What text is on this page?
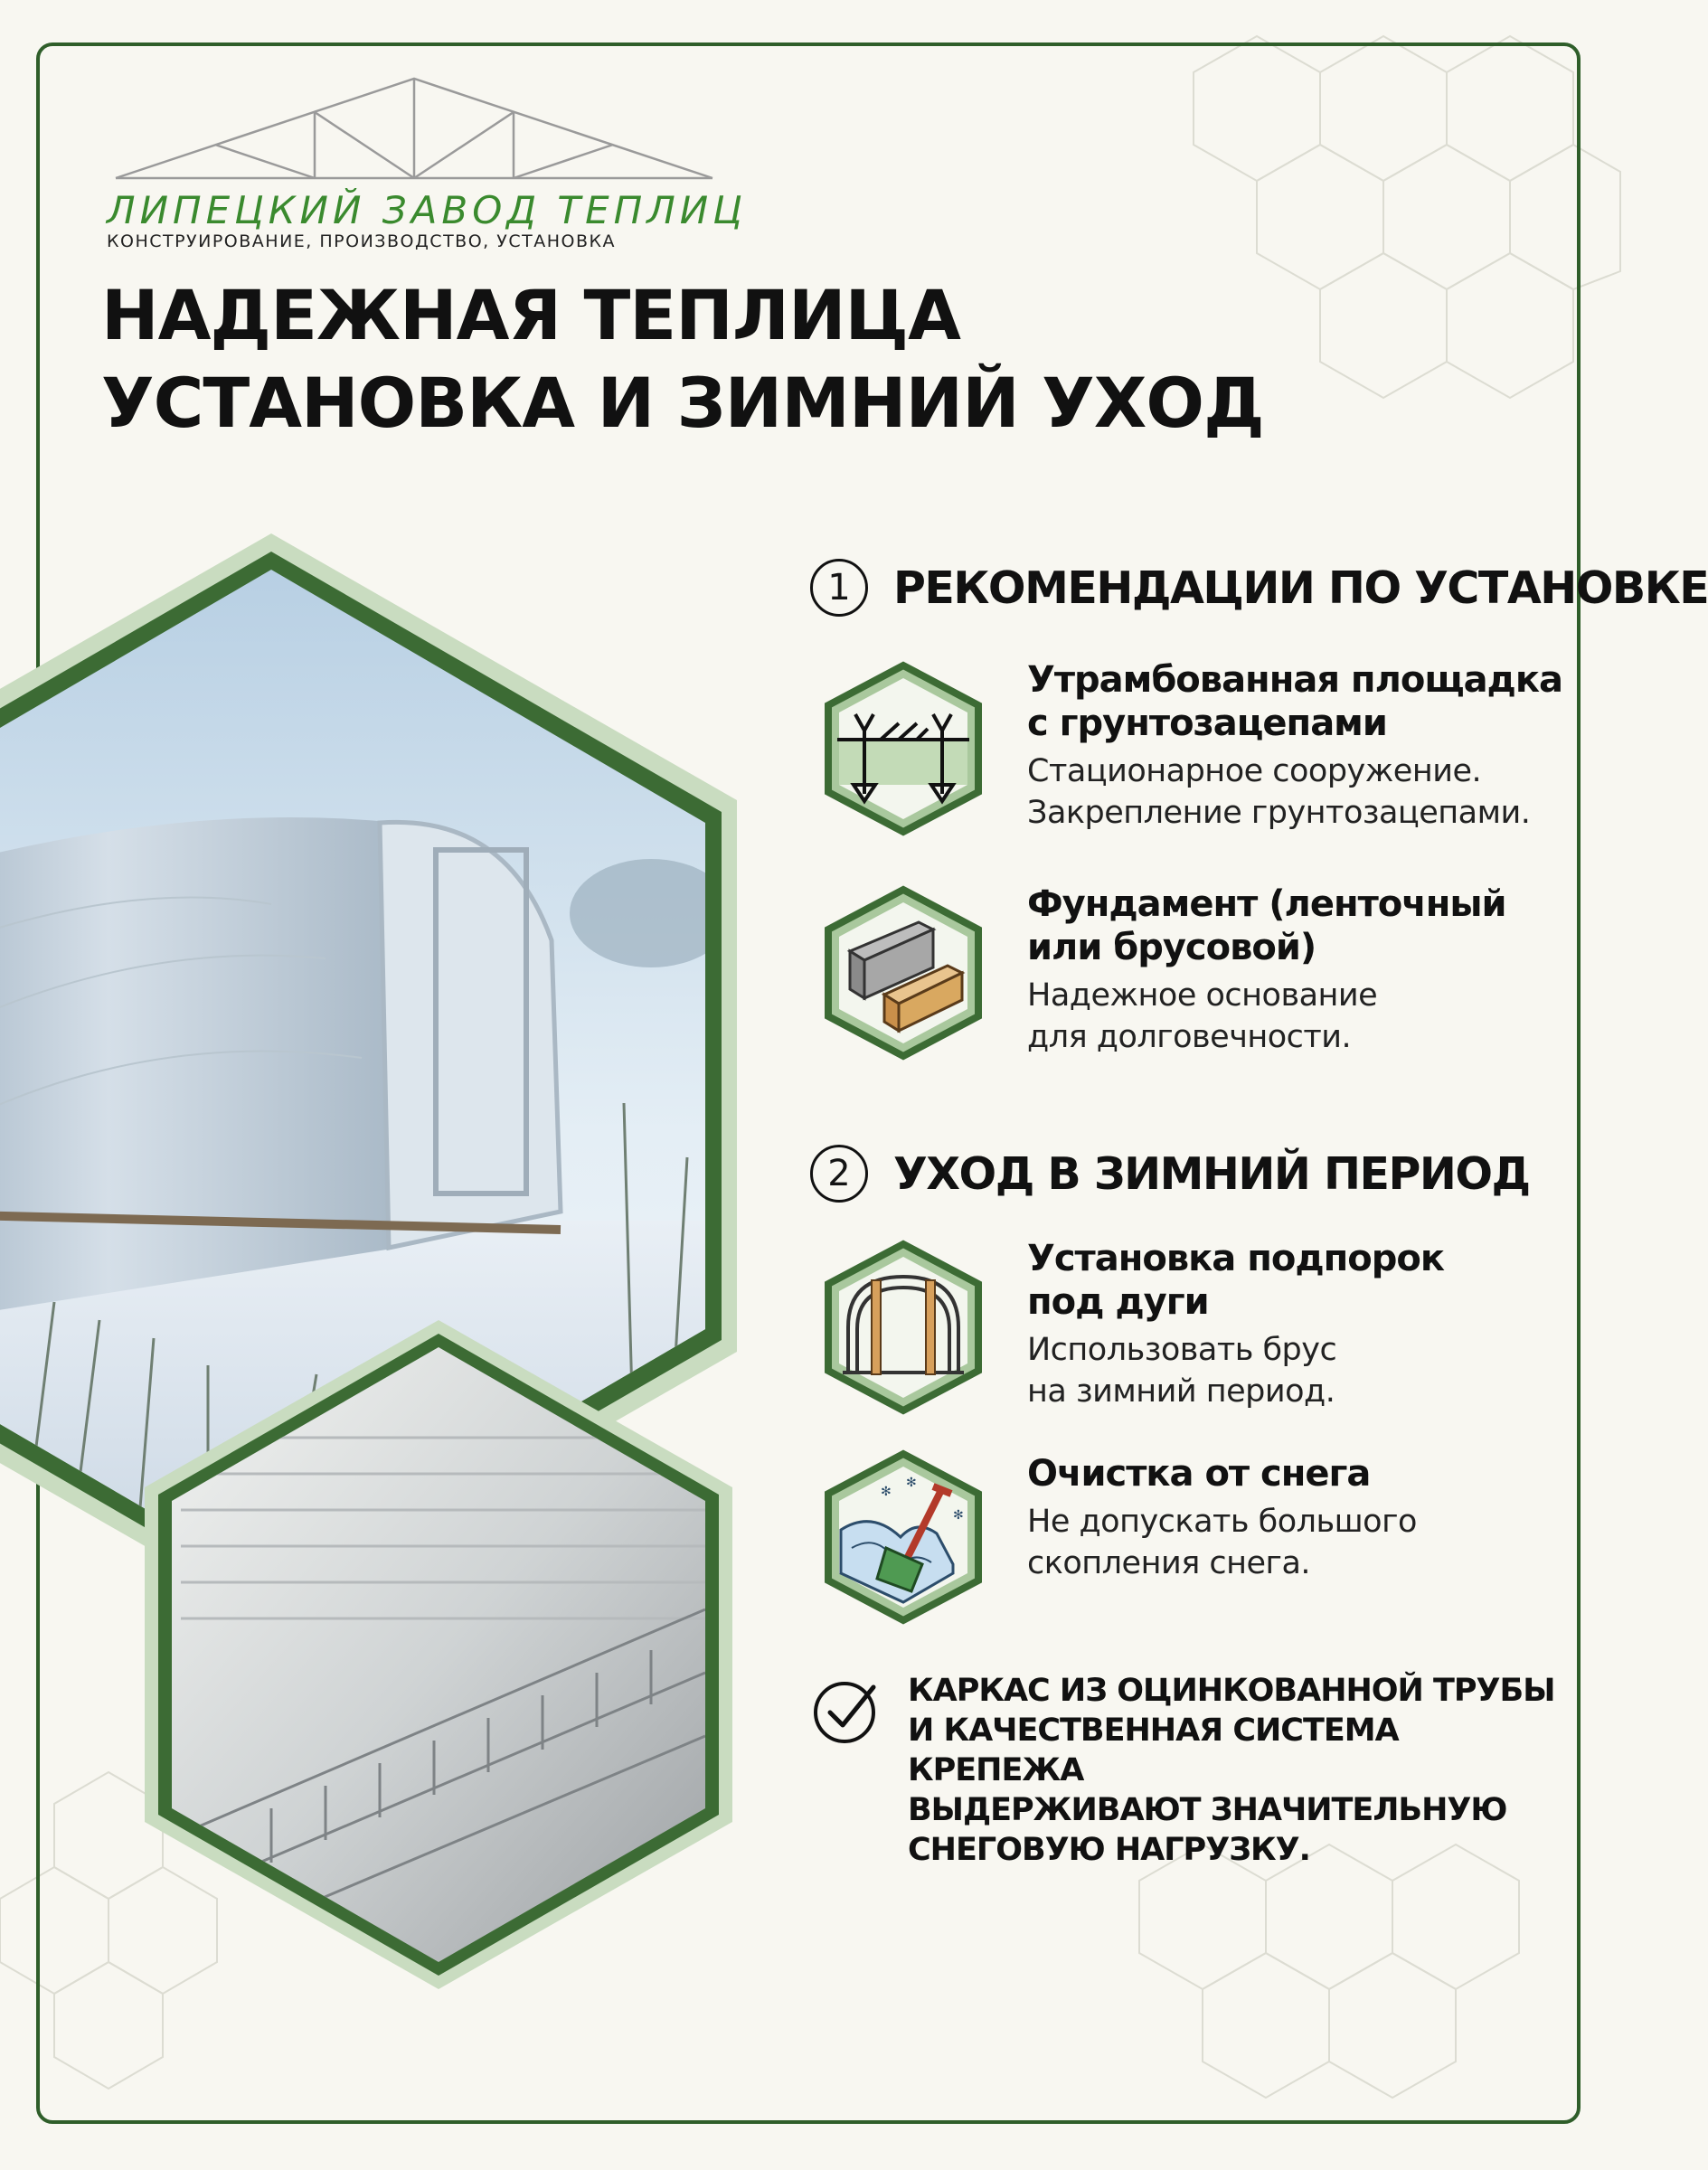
ЛИПЕЦКИЙ ЗАВОД ТЕПЛИЦ
КОНСТРУИРОВАНИЕ, ПРОИЗВОДСТВО, УСТАНОВКА
НАДЕЖНАЯ ТЕПЛИЦА
УСТАНОВКА И ЗИМНИЙ УХОД
1 РЕКОМЕНДАЦИИ ПО УСТАНОВКЕ
Утрамбованная площадка
с грунтозацепами
Стационарное сооружение.
Закрепление грунтозацепами.
Фундамент (ленточный
или брусовой)
Надежное основание
для долговечности.
2 УХОД В ЗИМНИЙ ПЕРИОД
Установка подпорок
под дуги
Использовать брус
на зимний период.
✻
✻
✻
Очистка от снега
Не допускать большого
скопления снега.
КАРКАС ИЗ ОЦИНКОВАННОЙ ТРУБЫ
И КАЧЕСТВЕННАЯ СИСТЕМА КРЕПЕЖА
ВЫДЕРЖИВАЮТ ЗНАЧИТЕЛЬНУЮ
СНЕГОВУЮ НАГРУЗКУ.
